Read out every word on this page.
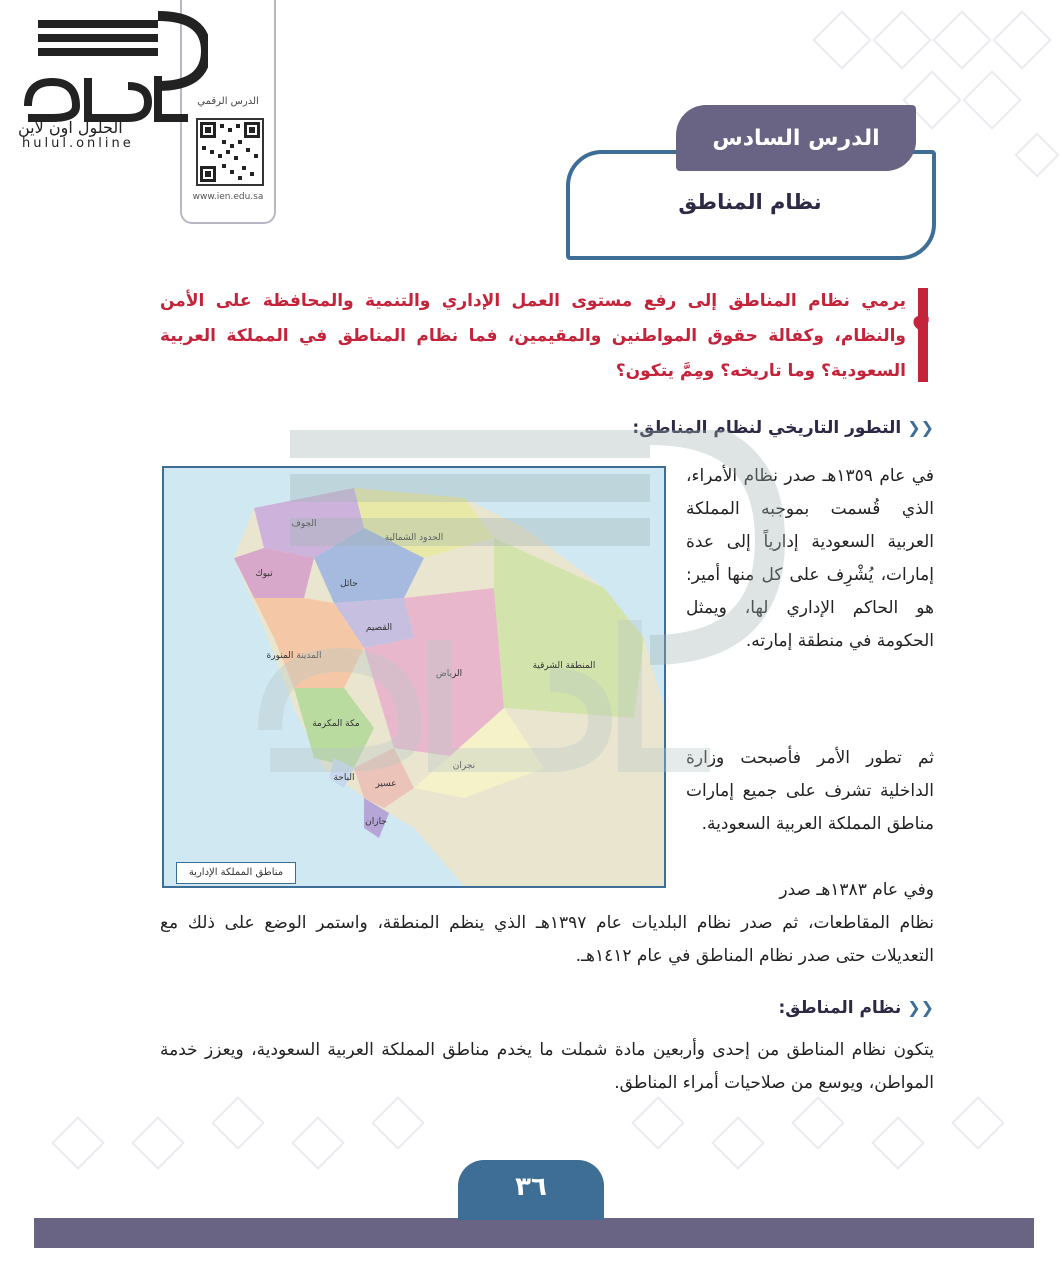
الدرس الرقمي
www.ien.edu.sa
الحلول اون لاين
hulul.online	الدرس السادس
نظام المناطق
؟
يرمي نظام المناطق إلى رفع مستوى العمل الإداري والتنمية والمحافظة على الأمن والنظام، وكفالة حقوق المواطنين والمقيمين، فما نظام المناطق في المملكة العربية السعودية؟ وما تاريخه؟ ومِمَّ يتكون؟
❮❮ التطور التاريخي لنظام المناطق:
الجوف
الحدود الشمالية
تبوك
حائل
القصيم
المدينة المنورة
الرياض
المنطقة الشرقية
مكة المكرمة
الباحة
عسير
جازان
نجران
مناطق المملكة الإدارية
في عام ١٣٥٩هـ صدر نظام الأمراء، الذي قُسمت بموجبه المملكة العربية السعودية إدارياً إلى عدة إمارات، يُشْرِف على كل منها أمير: هو الحاكم الإداري لها، ويمثل الحكومة في منطقة إمارته.
ثم تطور الأمر فأصبحت وزارة الداخلية تشرف على جميع إمارات مناطق المملكة العربية السعودية.
وفي عام ١٣٨٣هـ صدر
نظام المقاطعات، ثم صدر نظام البلديات عام ١٣٩٧هـ الذي ينظم المنطقة، واستمر الوضع على ذلك مع التعديلات حتى صدر نظام المناطق في عام ١٤١٢هـ.
❮❮ نظام المناطق:
يتكون نظام المناطق من إحدى وأربعين مادة شملت ما يخدم مناطق المملكة العربية السعودية، ويعزز خدمة المواطن، ويوسع من صلاحيات أمراء المناطق.
٣٦
